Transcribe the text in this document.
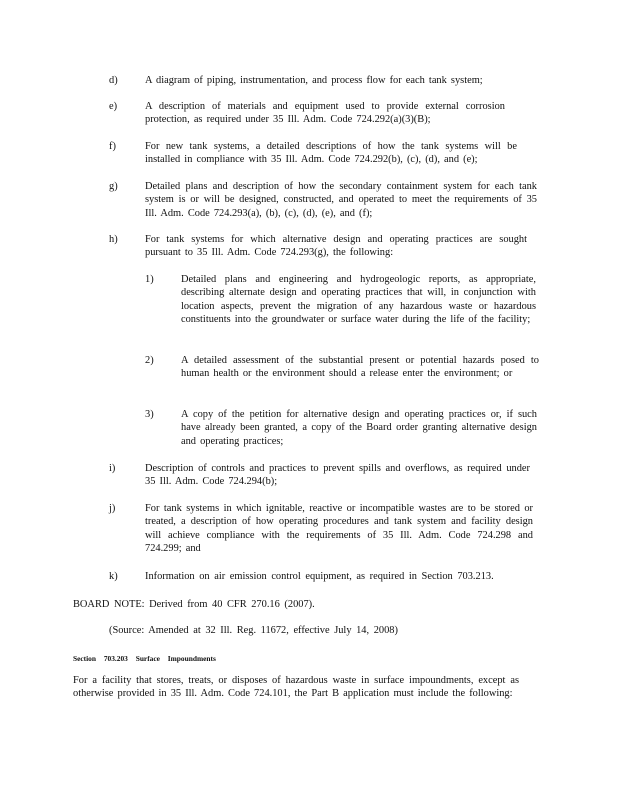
d)	A diagram of piping, instrumentation, and process flow for each tank system;
e)	A description of materials and equipment used to provide external corrosion protection, as required under 35 Ill. Adm. Code 724.292(a)(3)(B);
f)	For new tank systems, a detailed descriptions of how the tank systems will be installed in compliance with 35 Ill. Adm. Code 724.292(b), (c), (d), and (e);
g)	Detailed plans and description of how the secondary containment system for each tank system is or will be designed, constructed, and operated to meet the requirements of 35 Ill. Adm. Code 724.293(a), (b), (c), (d), (e), and (f);
h)	For tank systems for which alternative design and operating practices are sought pursuant to 35 Ill. Adm. Code 724.293(g), the following:
1)	Detailed plans and engineering and hydrogeologic reports, as appropriate, describing alternate design and operating practices that will, in conjunction with location aspects, prevent the migration of any hazardous waste or hazardous constituents into the groundwater or surface water during the life of the facility;
2)	A detailed assessment of the substantial present or potential hazards posed to human health or the environment should a release enter the environment; or
3)	A copy of the petition for alternative design and operating practices or, if such have already been granted, a copy of the Board order granting alternative design and operating practices;
i)	Description of controls and practices to prevent spills and overflows, as required under 35 Ill. Adm. Code 724.294(b);
j)	For tank systems in which ignitable, reactive or incompatible wastes are to be stored or treated, a description of how operating procedures and tank system and facility design will achieve compliance with the requirements of 35 Ill. Adm. Code 724.298 and 724.299; and
k)	Information on air emission control equipment, as required in Section 703.213.
BOARD NOTE: Derived from 40 CFR 270.16 (2007).
(Source: Amended at 32 Ill. Reg. 11672, effective July 14, 2008)
Section 703.203 Surface Impoundments
For a facility that stores, treats, or disposes of hazardous waste in surface impoundments, except as otherwise provided in 35 Ill. Adm. Code 724.101, the Part B application must include the following:
